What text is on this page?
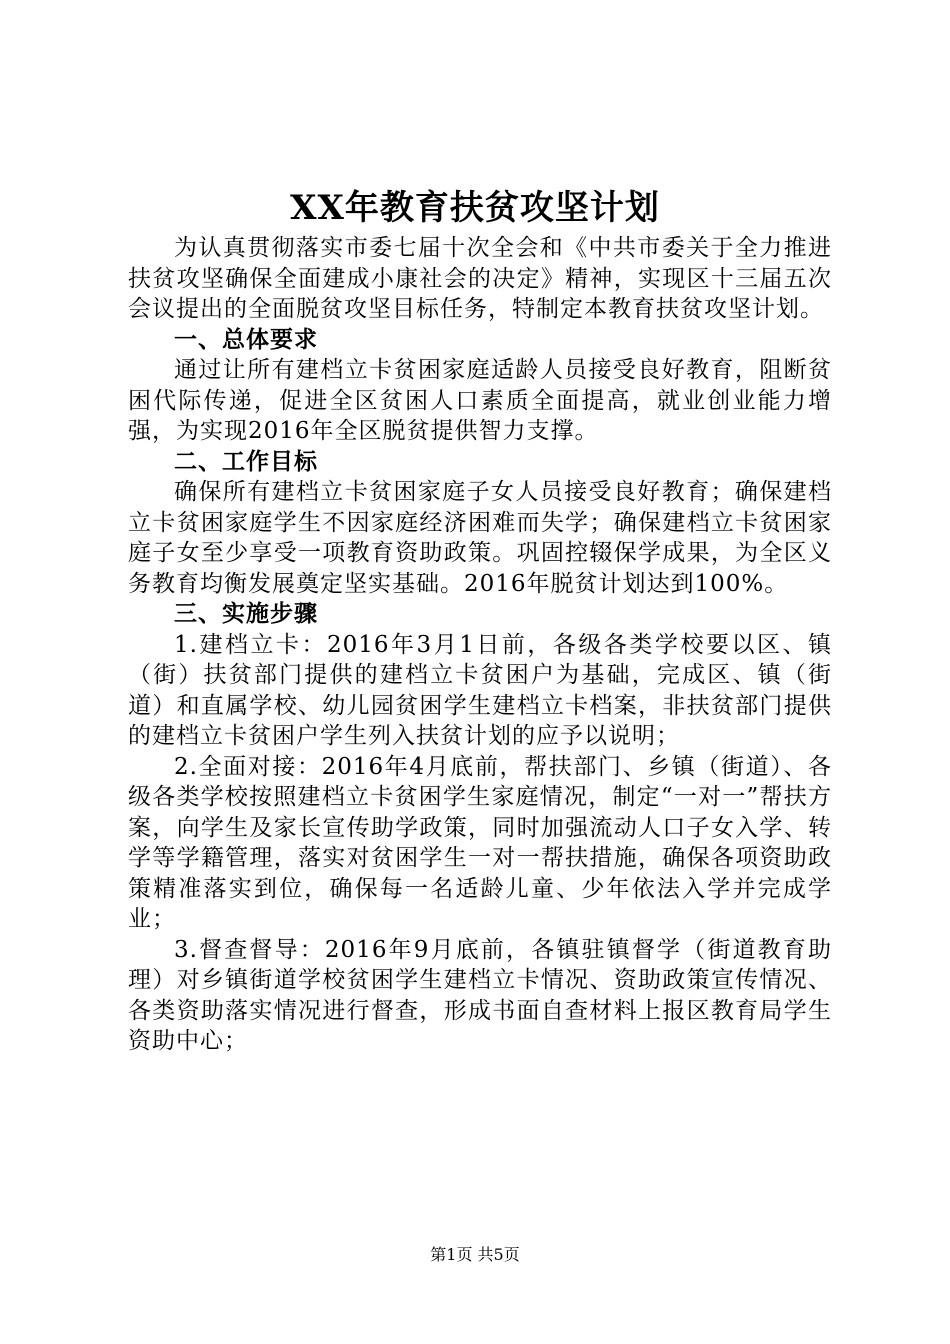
XX年教育扶贫攻坚计划

为认真贯彻落实市委七届十次全会和《中共市委关于全力推进扶贫攻坚确保全面建成小康社会的决定》精神，实现区十三届五次会议提出的全面脱贫攻坚目标任务，特制定本教育扶贫攻坚计划。

一、总体要求

通过让所有建档立卡贫困家庭适龄人员接受良好教育，阻断贫困代际传递，促进全区贫困人口素质全面提高，就业创业能力增强，为实现2016年全区脱贫提供智力支撑。

二、工作目标

确保所有建档立卡贫困家庭子女人员接受良好教育；确保建档立卡贫困家庭学生不因家庭经济困难而失学；确保建档立卡贫困家庭子女至少享受一项教育资助政策。巩固控辍保学成果，为全区义务教育均衡发展奠定坚实基础。2016年脱贫计划达到100%。

三、实施步骤

1.建档立卡：2016年3月1日前，各级各类学校要以区、镇（街）扶贫部门提供的建档立卡贫困户为基础，完成区、镇（街道）和直属学校、幼儿园贫困学生建档立卡档案，非扶贫部门提供的建档立卡贫困户学生列入扶贫计划的应予以说明；

2.全面对接：2016年4月底前，帮扶部门、乡镇（街道）、各级各类学校按照建档立卡贫困学生家庭情况，制定“一对一”帮扶方案，向学生及家长宣传助学政策，同时加强流动人口子女入学、转学等学籍管理，落实对贫困学生一对一帮扶措施，确保各项资助政策精准落实到位，确保每一名适龄儿童、少年依法入学并完成学业；

3.督查督导：2016年9月底前，各镇驻镇督学（街道教育助理）对乡镇街道学校贫困学生建档立卡情况、资助政策宣传情况、各类资助落实情况进行督查，形成书面自查材料上报区教育局学生资助中心；

第1页 共5页
